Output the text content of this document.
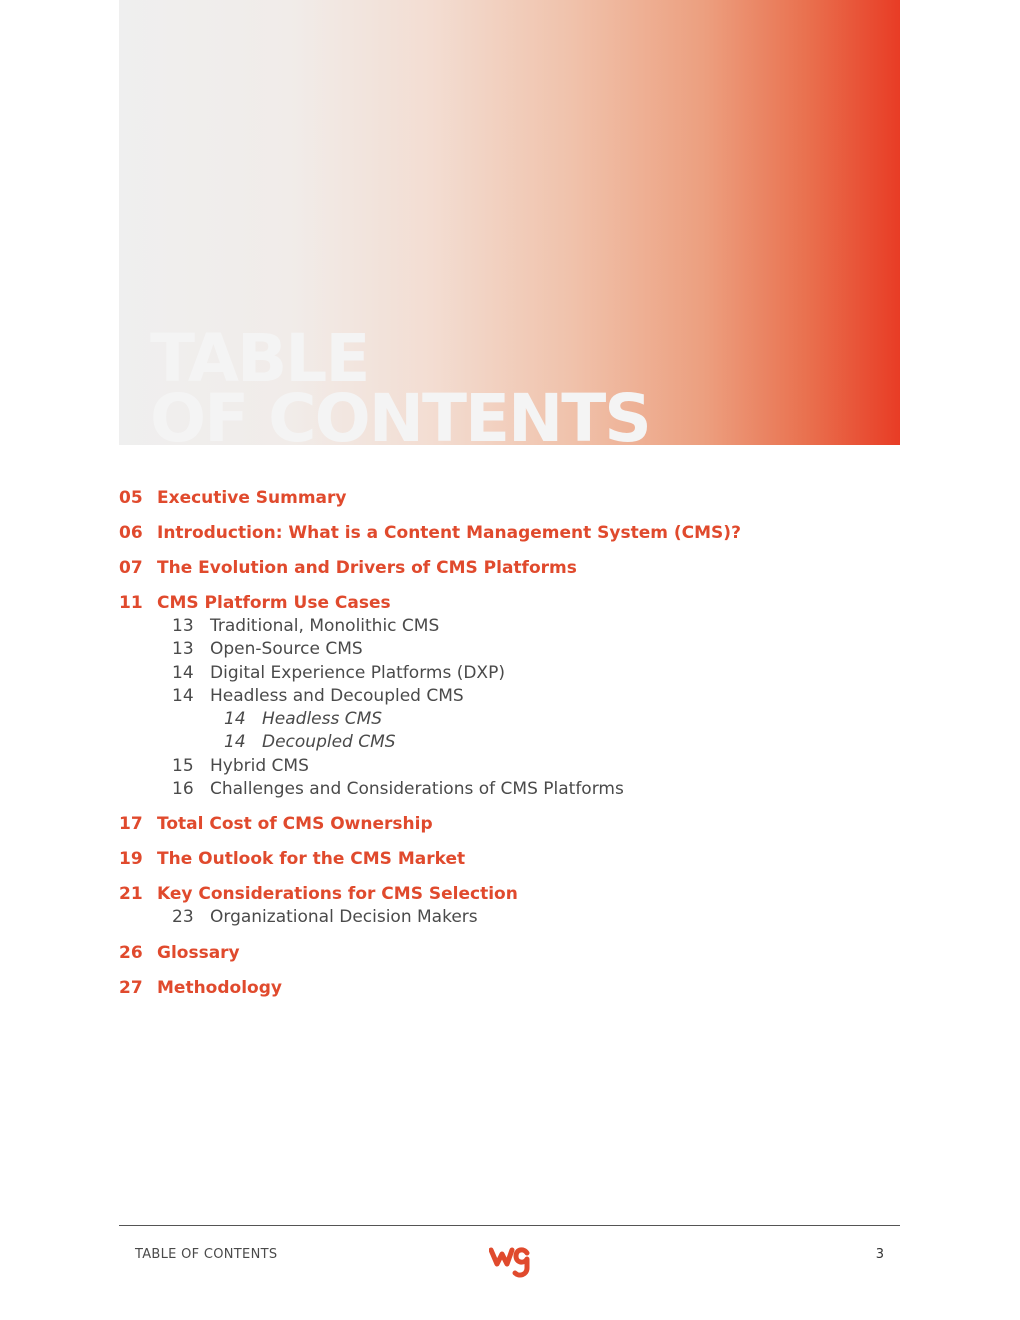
TABLE
OF CONTENTS
05 Executive Summary
06 Introduction: What is a Content Management System (CMS)?
07 The Evolution and Drivers of CMS Platforms
11 CMS Platform Use Cases
13 Traditional, Monolithic CMS
13 Open-Source CMS
14 Digital Experience Platforms (DXP)
14 Headless and Decoupled CMS
14 Headless CMS
14 Decoupled CMS
15 Hybrid CMS
16 Challenges and Considerations of CMS Platforms
17 Total Cost of CMS Ownership
19 The Outlook for the CMS Market
21 Key Considerations for CMS Selection
23 Organizational Decision Makers
26 Glossary
27 Methodology
TABLE OF CONTENTS	3
